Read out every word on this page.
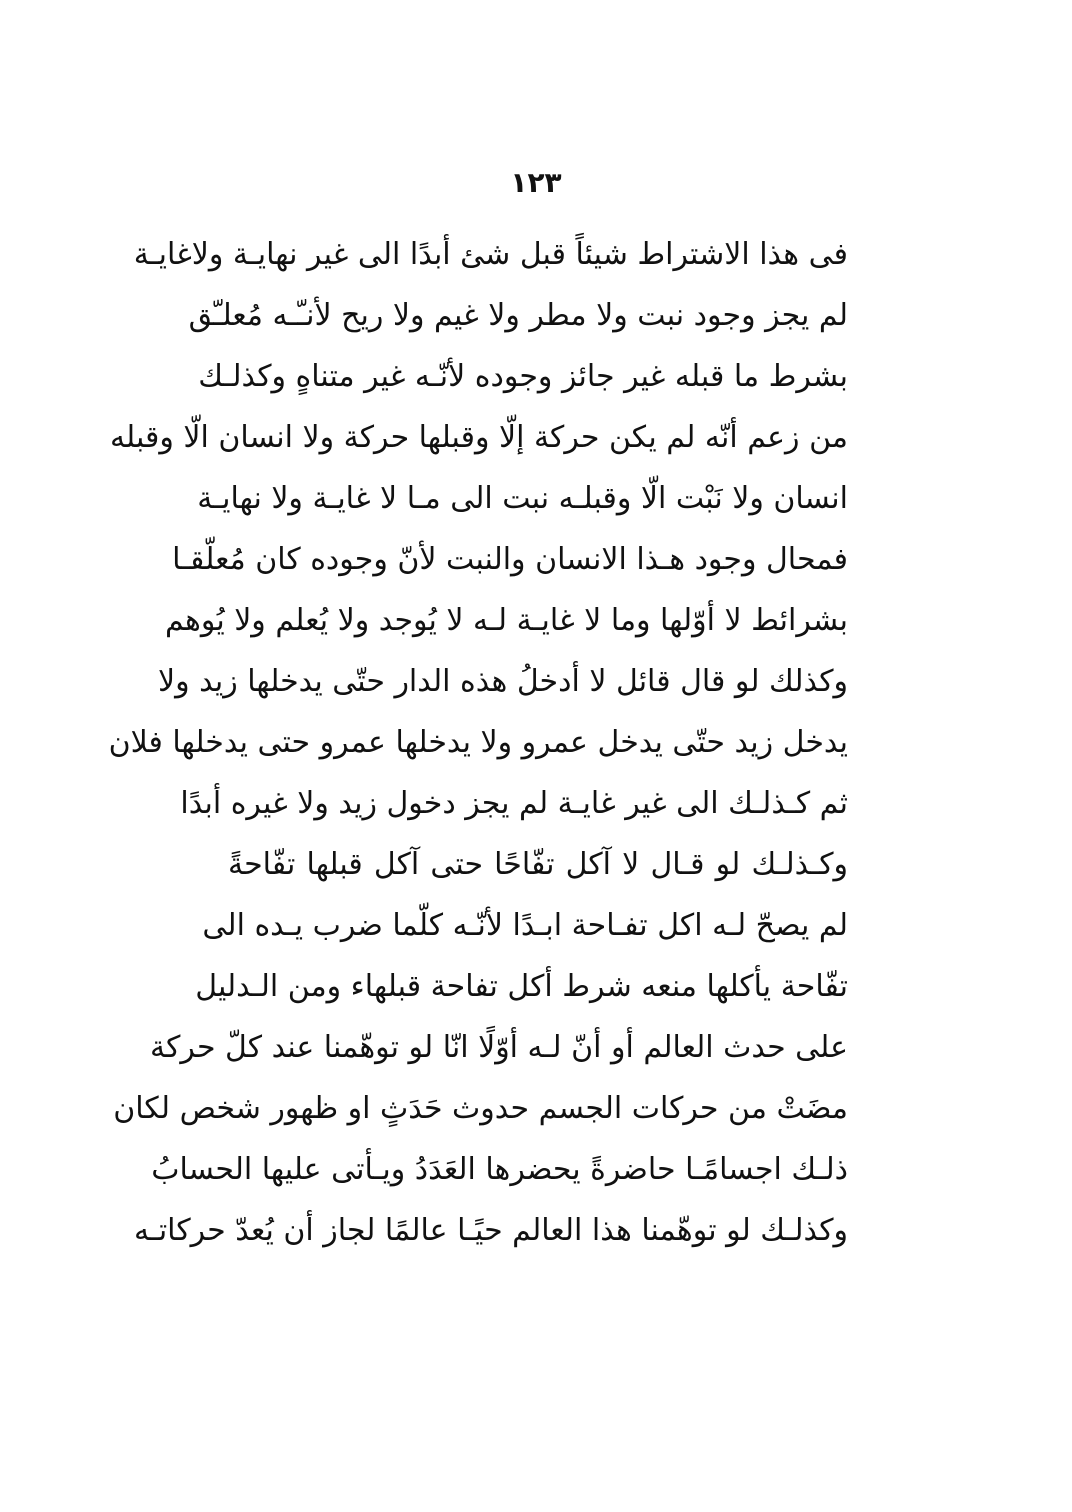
١٢٣
فى هذا الاشتراط شيئاً قبل شئ أبدًا الى غير نهايـة ولاغايـة
لم يجز وجود نبت ولا مطر ولا غيم ولا ريح لأنـّـه مُعلـّق
بشرط ما قبله غير جائز وجوده لأنّـه غير متناهٍ وكذلـك
من زعم أنّه لم يكن حركة إلّا وقبلها حركة ولا انسان الّا وقبله
انسان ولا نَبْت الّا وقبلـه نبت الى مـا لا غايـة ولا نهايـة
فمحال وجود هـذا الانسان والنبت لأنّ وجوده كان مُعلّقـا
بشرائط لا أوّلها وما لا غايـة لـه لا يُوجد ولا يُعلم ولا يُوهم
وكذلك لو قال قائل لا أدخلُ هذه الدار حتّى يدخلها زيد ولا
يدخل زيد حتّى يدخل عمرو ولا يدخلها عمرو حتى يدخلها فلان
ثم كـذلـك الى غير غايـة لم يجز دخول زيد ولا غيره أبدًا
وكـذلـك لو قـال لا آكل تفّاحًا حتى آكل قبلها تفّاحةً
لم يصحّ لـه اكل تفـاحة ابـدًا لأنّـه كلّما ضرب يـده الى
تفّاحة يأكلها منعه شرط أكل تفاحة قبلهاء ومن الـدليل
على حدث العالم أو أنّ لـه أوّلًا انّا لو توهّمنا عند كلّ حركة
مضَتْ من حركات الجسم حدوث حَدَثٍ او ظهور شخص لكان
ذلـك اجسامًـا حاضرةً يحضرها العَدَدُ ويـأتى عليها الحسابُ
وكذلـك لو توهّمنا هذا العالم حيًـا عالمًا لجاز أن يُعدّ حركاتـه
